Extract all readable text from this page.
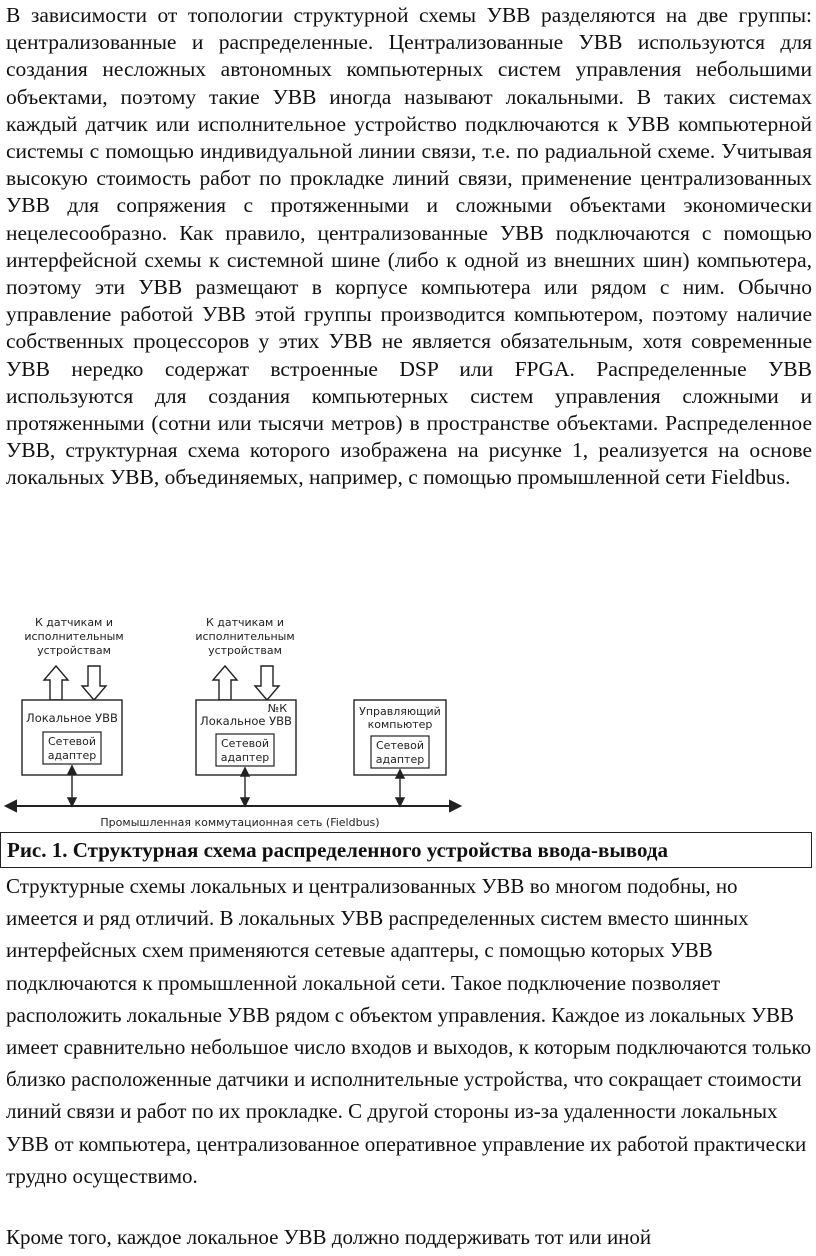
В зависимости от топологии структурной схемы УВВ разделяются на две группы: централизованные и распределенные. Централизованные УВВ используются для создания несложных автономных компьютерных систем управления небольшими объектами, поэтому такие УВВ иногда называют локальными. В таких системах каждый датчик или исполнительное устройство подключаются к УВВ компьютерной системы с помощью индивидуальной линии связи, т.е. по радиальной схеме. Учитывая высокую стоимость работ по прокладке линий связи, применение централизованных УВВ для сопряжения с протяженными и сложными объектами экономически нецелесообразно. Как правило, централизованные УВВ подключаются с помощью интерфейсной схемы к системной шине (либо к одной из внешних шин) компьютера, поэтому эти УВВ размещают в корпусе компьютера или рядом с ним. Обычно управление работой УВВ этой группы производится компьютером, поэтому наличие собственных процессоров у этих УВВ не является обязательным, хотя современные УВВ нередко содержат встроенные DSP или FPGA. Распределенные УВВ используются для создания компьютерных систем управления сложными и протяженными (сотни или тысячи метров) в пространстве объектами. Распределенное УВВ, структурная схема которого изображена на рисунке 1, реализуется на основе локальных УВВ, объединяемых, например, с помощью промышленной сети Fieldbus.

К датчикам и
исполнительным
устройствам
К датчикам и
исполнительным
устройствам
Локальное УВВ
Сетевой
адаптер
№К
Локальное УВВ
Сетевой
адаптер
Управляющий
компьютер
Сетевой
адаптер
Промышленная коммутационная сеть (Fieldbus)
Рис. 1. Структурная схема распределенного устройства ввода-вывода

Структурные схемы локальных и централизованных УВВ во многом подобны, но имеется и ряд отличий. В локальных УВВ распределенных систем вместо шинных интерфейсных схем применяются сетевые адаптеры, с помощью которых УВВ подключаются к промышленной локальной сети. Такое подключение позволяет расположить локальные УВВ рядом с объектом управления. Каждое из локальных УВВ имеет сравнительно небольшое число входов и выходов, к которым подключаются только близко расположенные датчики и исполнительные устройства, что сокращает стоимости линий связи и работ по их прокладке. С другой стороны из-за удаленности локальных УВВ от компьютера, централизованное оперативное управление их работой практически трудно осуществимо.

Кроме того, каждое локальное УВВ должно поддерживать тот или иной
